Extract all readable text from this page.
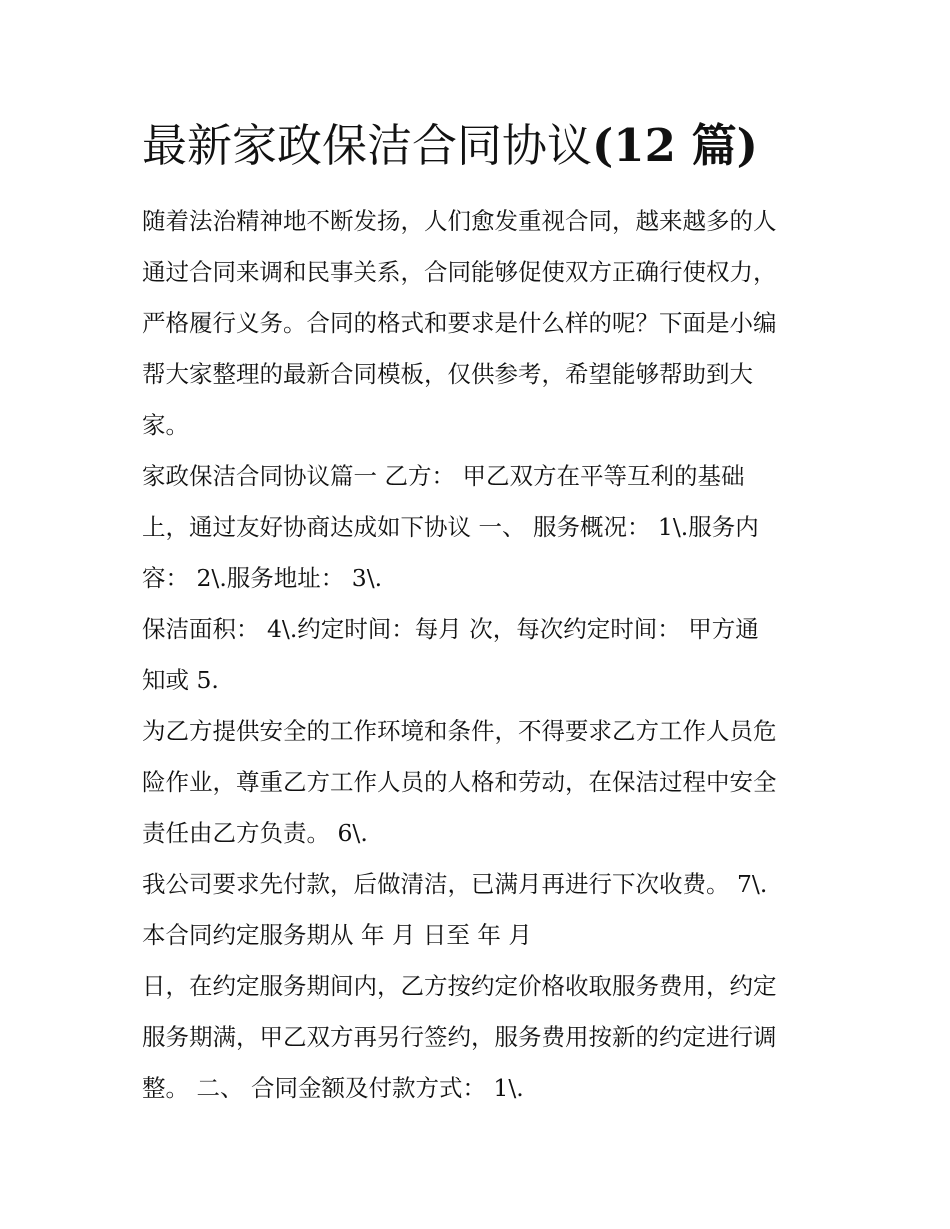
最新家政保洁合同协议(12 篇)

随着法治精神地不断发扬，人们愈发重视合同，越来越多的人
通过合同来调和民事关系，合同能够促使双方正确行使权力，
严格履行义务。合同的格式和要求是什么样的呢？下面是小编
帮大家整理的最新合同模板，仅供参考，希望能够帮助到大
家。

家政保洁合同协议篇一 乙方： 甲乙双方在平等互利的基础
上，通过友好协商达成如下协议 一、 服务概况： 1\.服务内
容： 2\.服务地址： 3\.

保洁面积： 4\.约定时间：每月 次，每次约定时间： 甲方通
知或 5.

为乙方提供安全的工作环境和条件，不得要求乙方工作人员危
险作业，尊重乙方工作人员的人格和劳动，在保洁过程中安全
责任由乙方负责。 6\.

我公司要求先付款，后做清洁，已满月再进行下次收费。 7\.
本合同约定服务期从 年 月 日至 年 月

日，在约定服务期间内，乙方按约定价格收取服务费用，约定
服务期满，甲乙双方再另行签约，服务费用按新的约定进行调
整。 二、 合同金额及付款方式： 1\.
